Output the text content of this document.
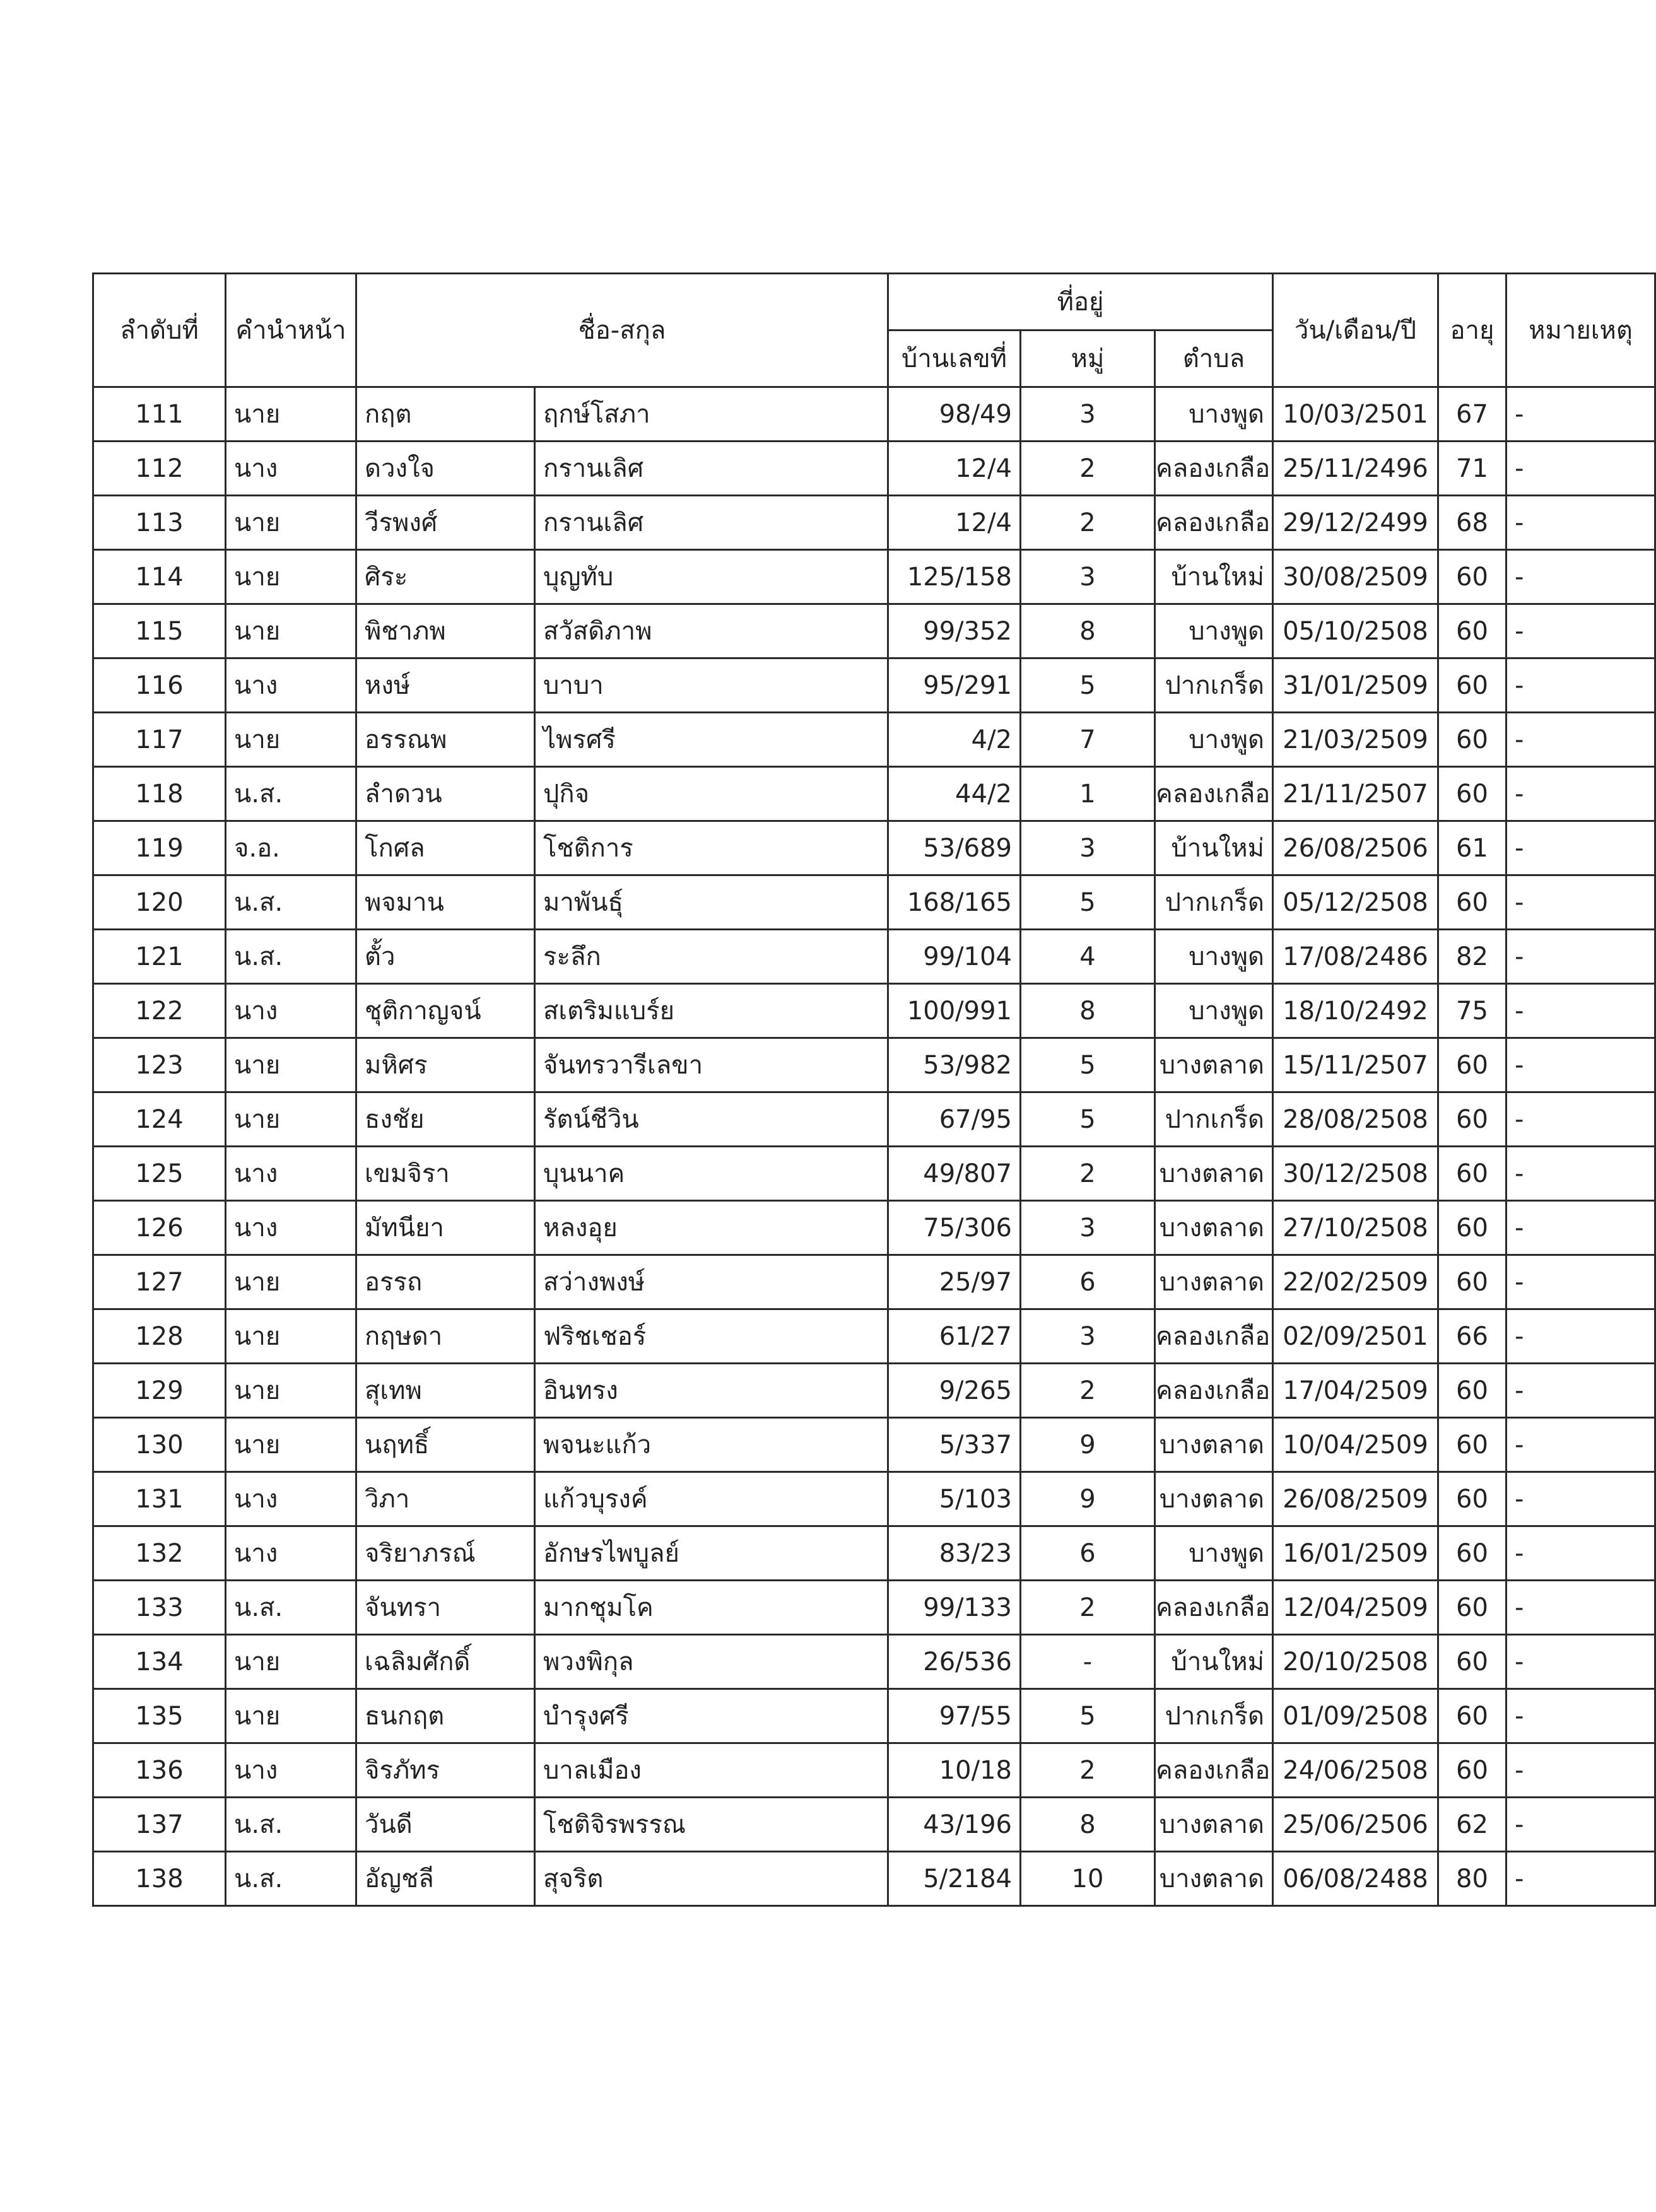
ลำดับที่	คำนำหน้า	ชื่อ-สกุล		ที่อยู่			วัน/เดือน/ปี	อายุ	หมายเหตุ	
				บ้านเลขที่	หมู่	ตำบล				
111	นาย	กฤต	ฤกษ์โสภา	98/49	3	บางพูด	10/03/2501	67	-	
112	นาง	ดวงใจ	กรานเลิศ	12/4	2	คลองเกลือ	25/11/2496	71	-	
113	นาย	วีรพงศ์	กรานเลิศ	12/4	2	คลองเกลือ	29/12/2499	68	-	
114	นาย	ศิระ	บุญทับ	125/158	3	บ้านใหม่	30/08/2509	60	-	
115	นาย	พิชาภพ	สวัสดิภาพ	99/352	8	บางพูด	05/10/2508	60	-	
116	นาง	หงษ์	บาบา	95/291	5	ปากเกร็ด	31/01/2509	60	-	
117	นาย	อรรณพ	ไพรศรี	4/2	7	บางพูด	21/03/2509	60	-	
118	น.ส.	ลำดวน	ปุกิจ	44/2	1	คลองเกลือ	21/11/2507	60	-	
119	จ.อ.	โกศล	โชติการ	53/689	3	บ้านใหม่	26/08/2506	61	-	
120	น.ส.	พจมาน	มาพันธุ์	168/165	5	ปากเกร็ด	05/12/2508	60	-	
121	น.ส.	ตั้ว	ระลึก	99/104	4	บางพูด	17/08/2486	82	-	
122	นาง	ชุติกาญจน์	สเตริมแบร์ย	100/991	8	บางพูด	18/10/2492	75	-	
123	นาย	มหิศร	จันทรวารีเลขา	53/982	5	บางตลาด	15/11/2507	60	-	
124	นาย	ธงชัย	รัตน์ชีวิน	67/95	5	ปากเกร็ด	28/08/2508	60	-	
125	นาง	เขมจิรา	บุนนาค	49/807	2	บางตลาด	30/12/2508	60	-	
126	นาง	มัทนียา	หลงอุย	75/306	3	บางตลาด	27/10/2508	60	-	
127	นาย	อรรถ	สว่างพงษ์	25/97	6	บางตลาด	22/02/2509	60	-	
128	นาย	กฤษดา	ฟริชเชอร์	61/27	3	คลองเกลือ	02/09/2501	66	-	
129	นาย	สุเทพ	อินทรง	9/265	2	คลองเกลือ	17/04/2509	60	-	
130	นาย	นฤทธิ์	พจนะแก้ว	5/337	9	บางตลาด	10/04/2509	60	-	
131	นาง	วิภา	แก้วบุรงค์	5/103	9	บางตลาด	26/08/2509	60	-	
132	นาง	จริยาภรณ์	อักษรไพบูลย์	83/23	6	บางพูด	16/01/2509	60	-	
133	น.ส.	จันทรา	มากชุมโค	99/133	2	คลองเกลือ	12/04/2509	60	-	
134	นาย	เฉลิมศักดิ์	พวงพิกุล	26/536	-	บ้านใหม่	20/10/2508	60	-	
135	นาย	ธนกฤต	บำรุงศรี	97/55	5	ปากเกร็ด	01/09/2508	60	-	
136	นาง	จิรภัทร	บาลเมือง	10/18	2	คลองเกลือ	24/06/2508	60	-	
137	น.ส.	วันดี	โชติจิรพรรณ	43/196	8	บางตลาด	25/06/2506	62	-	
138	น.ส.	อัญชลี	สุจริต	5/2184	10	บางตลาด	06/08/2488	80	-	
